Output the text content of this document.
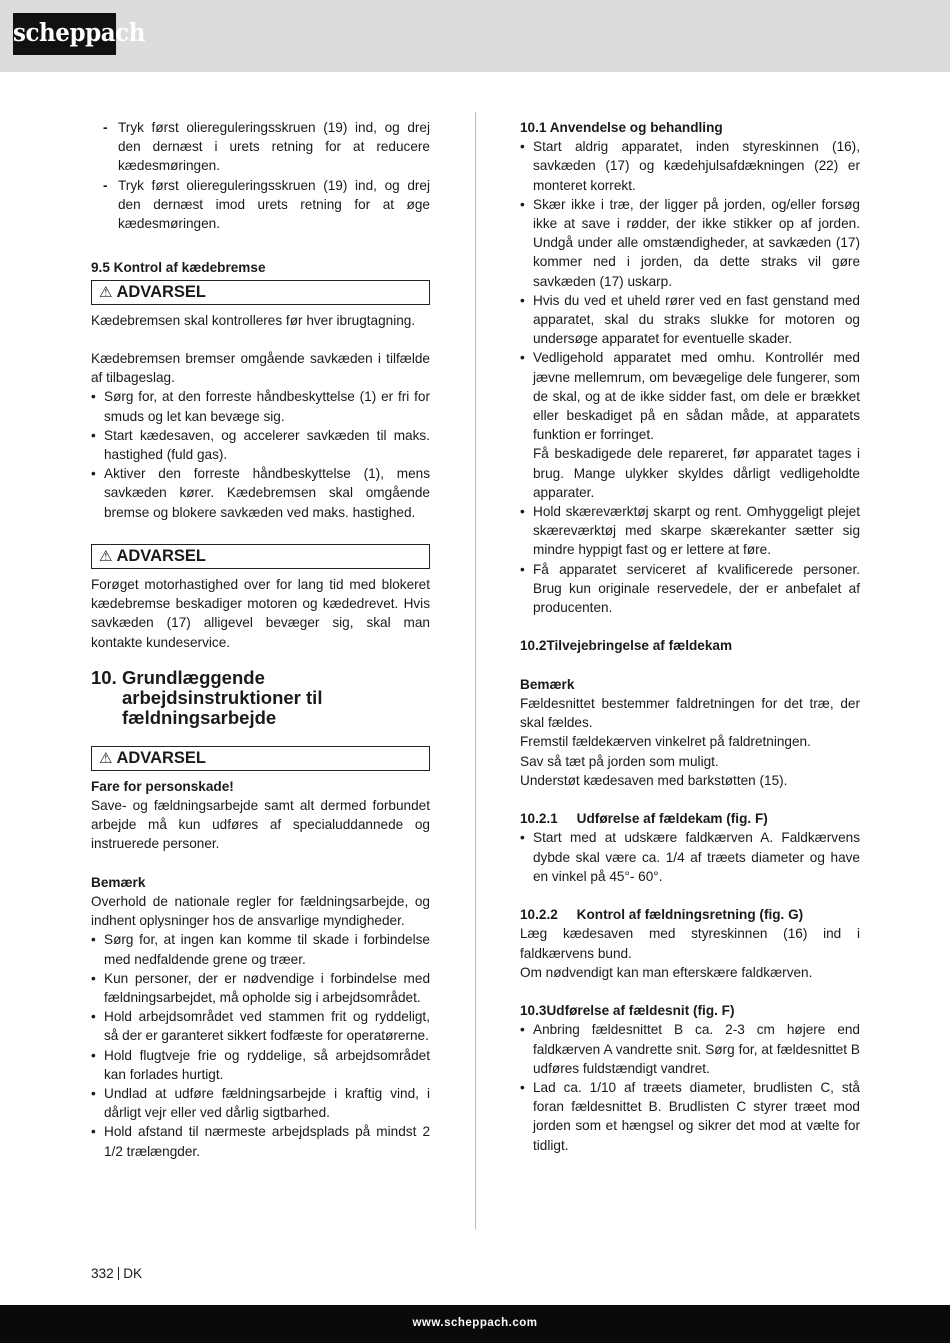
scheppach
- Tryk først oliereguleringsskruen (19) ind, og drej den dernæst i urets retning for at reducere kædesmøringen.
- Tryk først oliereguleringsskruen (19) ind, og drej den dernæst imod urets retning for at øge kædesmøringen.

9.5 Kontrol af kædebremse

⚠ ADVARSEL

Kædebremsen skal kontrolleres før hver ibrugtagning.

Kædebremsen bremser omgående savkæden i tilfælde af tilbageslag.

• Sørg for, at den forreste håndbeskyttelse (1) er fri for smuds og let kan bevæge sig.
• Start kædesaven, og accelerer savkæden til maks. hastighed (fuld gas).
• Aktiver den forreste håndbeskyttelse (1), mens savkæden kører. Kædebremsen skal omgående bremse og blokere savkæden ved maks. hastighed.
⚠ ADVARSEL

Forøget motorhastighed over for lang tid med blokeret kædebremse beskadiger motoren og kædedrevet. Hvis savkæden (17) alligevel bevæger sig, skal man kontakte kundeservice.

10. Grundlæggende arbejdsinstruktioner til fældningsarbejde
⚠ ADVARSEL

Fare for personskade!

Save- og fældningsarbejde samt alt dermed forbundet arbejde må kun udføres af specialuddannede og instruerede personer.

Bemærk

Overhold de nationale regler for fældningsarbejde, og indhent oplysninger hos de ansvarlige myndigheder.

• Sørg for, at ingen kan komme til skade i forbindelse med nedfaldende grene og træer.
• Kun personer, der er nødvendige i forbindelse med fældningsarbejdet, må opholde sig i arbejdsområdet.
• Hold arbejdsområdet ved stammen frit og ryddeligt, så der er garanteret sikkert fodfæste for operatørerne.
• Hold flugtveje frie og ryddelige, så arbejdsområdet kan forlades hurtigt.
• Undlad at udføre fældningsarbejde i kraftig vind, i dårligt vejr eller ved dårlig sigtbarhed.
• Hold afstand til nærmeste arbejdsplads på mindst 2 1/2 trælængder.

10.1 Anvendelse og behandling

• Start aldrig apparatet, inden styreskinnen (16), savkæden (17) og kædehjulsafdækningen (22) er monteret korrekt.
• Skær ikke i træ, der ligger på jorden, og/eller forsøg ikke at save i rødder, der ikke stikker op af jorden. Undgå under alle omstændigheder, at savkæden (17) kommer ned i jorden, da dette straks vil gøre savkæden (17) uskarp.
• Hvis du ved et uheld rører ved en fast genstand med apparatet, skal du straks slukke for motoren og undersøge apparatet for eventuelle skader.
• Vedligehold apparatet med omhu. Kontrollér med jævne mellemrum, om bevægelige dele fungerer, som de skal, og at de ikke sidder fast, om dele er brækket eller beskadiget på en sådan måde, at apparatets funktion er forringet.
Få beskadigede dele repareret, før apparatet tages i brug. Mange ulykker skyldes dårligt vedligeholdte apparater.
• Hold skæreværktøj skarpt og rent. Omhyggeligt plejet skæreværktøj med skarpe skærekanter sætter sig mindre hyppigt fast og er lettere at føre.
• Få apparatet serviceret af kvalificerede personer. Brug kun originale reservedele, der er anbefalet af producenten.

10.2Tilvejebringelse af fældekam

Bemærk

Fældesnittet bestemmer faldretningen for det træ, der skal fældes.

Fremstil fældekærven vinkelret på faldretningen.

Sav så tæt på jorden som muligt.

Understøt kædesaven med barkstøtten (15).

10.2.1     Udførelse af fældekam (fig. F)

• Start med at udskære faldkærven A. Faldkærvens dybde skal være ca. 1/4 af træets diameter og have en vinkel på 45°- 60°.

10.2.2     Kontrol af fældningsretning (fig. G)

Læg kædesaven med styreskinnen (16) ind i faldkærvens bund.

Om nødvendigt kan man efterskære faldkærven.

10.3Udførelse af fældesnit (fig. F)

• Anbring fældesnittet B ca. 2-3 cm højere end faldkærven A vandrette snit. Sørg for, at fældesnittet B udføres fuldstændigt vandret.
• Lad ca. 1/10 af træets diameter, brudlisten C, stå foran fældesnittet B. Brudlisten C styrer træet mod jorden som et hængsel og sikrer det mod at vælte for tidligt.
332 DK
www.scheppach.com
